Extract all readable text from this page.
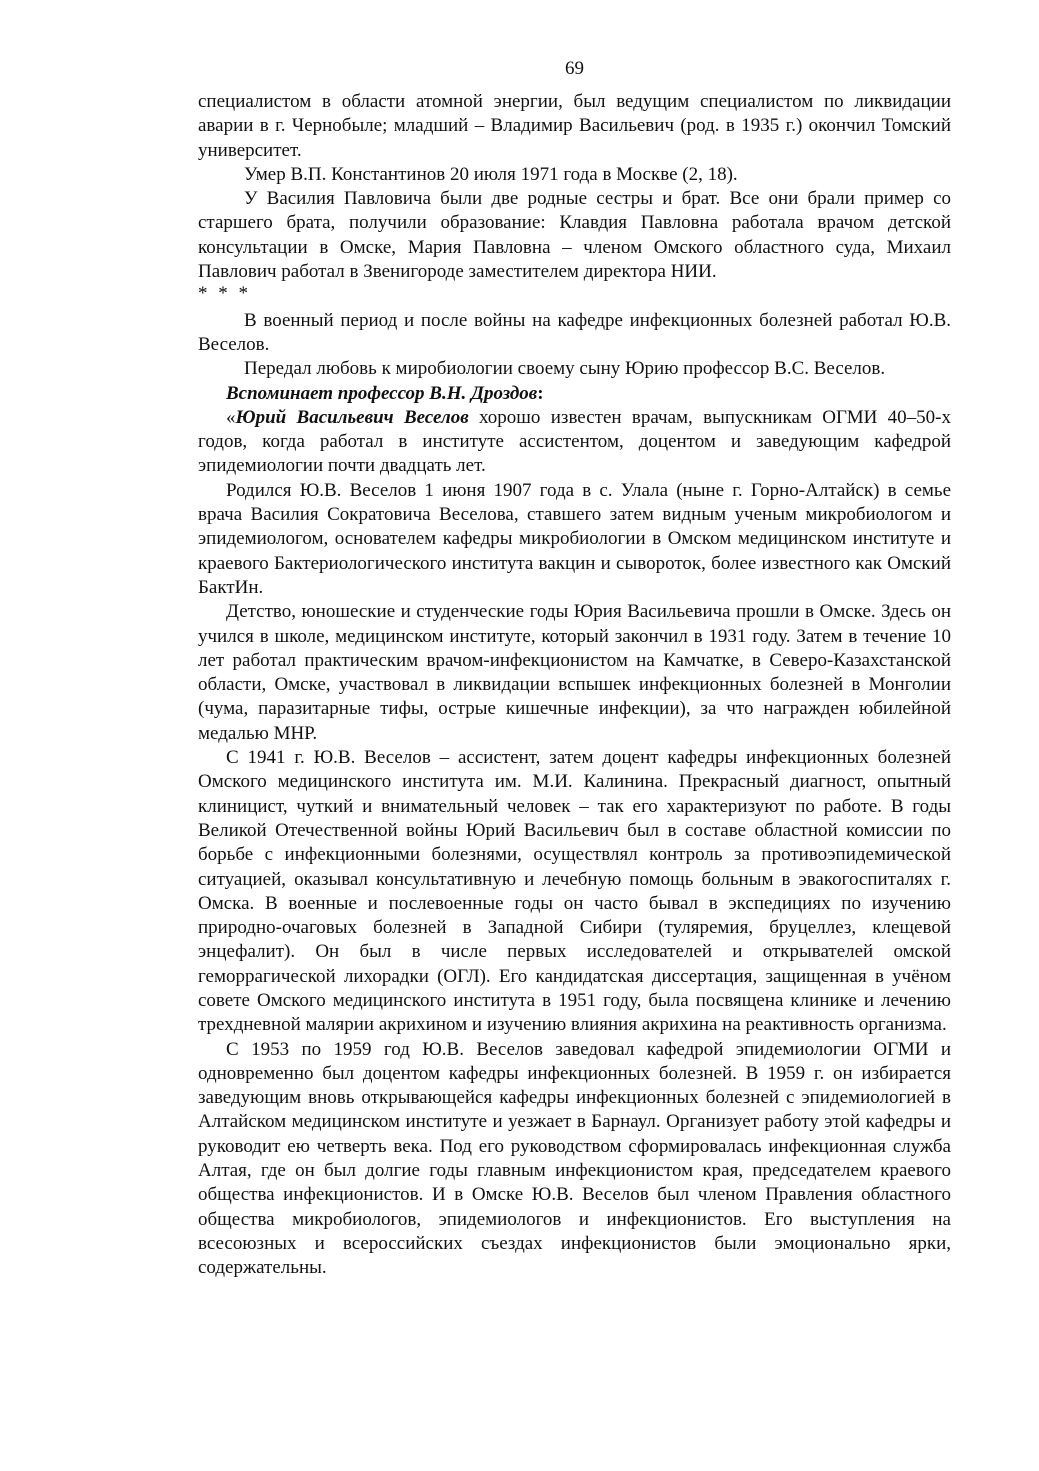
69

специалистом в области атомной энергии, был ведущим специалистом по ликвидации аварии в г. Чернобыле; младший – Владимир Васильевич (род. в 1935 г.) окончил Томский университет.

Умер В.П. Константинов 20 июля 1971 года в Москве (2, 18).

У Василия Павловича были две родные сестры и брат. Все они брали пример со старшего брата, получили образование: Клавдия Павловна работала врачом детской консультации в Омске, Мария Павловна – членом Омского областного суда, Михаил Павлович работал в Звенигороде заместителем директора НИИ.

* * *

В военный период и после войны на кафедре инфекционных болезней работал Ю.В. Веселов.

Передал любовь к миробиологии своему сыну Юрию профессор В.С. Веселов.

Вспоминает профессор В.Н. Дроздов:

«Юрий Васильевич Веселов хорошо известен врачам, выпускникам ОГМИ 40–50-х годов, когда работал в институте ассистентом, доцентом и заведующим кафедрой эпидемиологии почти двадцать лет.

Родился Ю.В. Веселов 1 июня 1907 года в с. Улала (ныне г. Горно-Алтайск) в семье врача Василия Сократовича Веселова, ставшего затем видным ученым микробиологом и эпидемиологом, основателем кафедры микробиологии в Омском медицинском институте и краевого Бактериологического института вакцин и сывороток, более известного как Омский БактИн.

Детство, юношеские и студенческие годы Юрия Васильевича прошли в Омске. Здесь он учился в школе, медицинском институте, который закончил в 1931 году. Затем в течение 10 лет работал практическим врачом-инфекционистом на Камчатке, в Северо-Казахстанской области, Омске, участвовал в ликвидации вспышек инфекционных болезней в Монголии (чума, паразитарные тифы, острые кишечные инфекции), за что награжден юбилейной медалью МНР.

С 1941 г. Ю.В. Веселов – ассистент, затем доцент кафедры инфекционных болезней Омского медицинского института им. М.И. Калинина. Прекрасный диагност, опытный клиницист, чуткий и внимательный человек – так его характеризуют по работе. В годы Великой Отечественной войны Юрий Васильевич был в составе областной комиссии по борьбе с инфекционными болезнями, осуществлял контроль за противоэпидемической ситуацией, оказывал консультативную и лечебную помощь больным в эвакогоспиталях г. Омска. В военные и послевоенные годы он часто бывал в экспедициях по изучению природно-очаговых болезней в Западной Сибири (туляремия, бруцеллез, клещевой энцефалит). Он был в числе первых исследователей и открывателей омской геморрагической лихорадки (ОГЛ). Его кандидатская диссертация, защищенная в учёном совете Омского медицинского института в 1951 году, была посвящена клинике и лечению трехдневной малярии акрихином и изучению влияния акрихина на реактивность организма.

С 1953 по 1959 год Ю.В. Веселов заведовал кафедрой эпидемиологии ОГМИ и одновременно был доцентом кафедры инфекционных болезней. В 1959 г. он избирается заведующим вновь открывающейся кафедры инфекционных болезней с эпидемиологией в Алтайском медицинском институте и уезжает в Барнаул. Организует работу этой кафедры и руководит ею четверть века. Под его руководством сформировалась инфекционная служба Алтая, где он был долгие годы главным инфекционистом края, председателем краевого общества инфекционистов. И в Омске Ю.В. Веселов был членом Правления областного общества микробиологов, эпидемиологов и инфекционистов. Его выступления на всесоюзных и всероссийских съездах инфекционистов были эмоционально ярки, содержательны.
